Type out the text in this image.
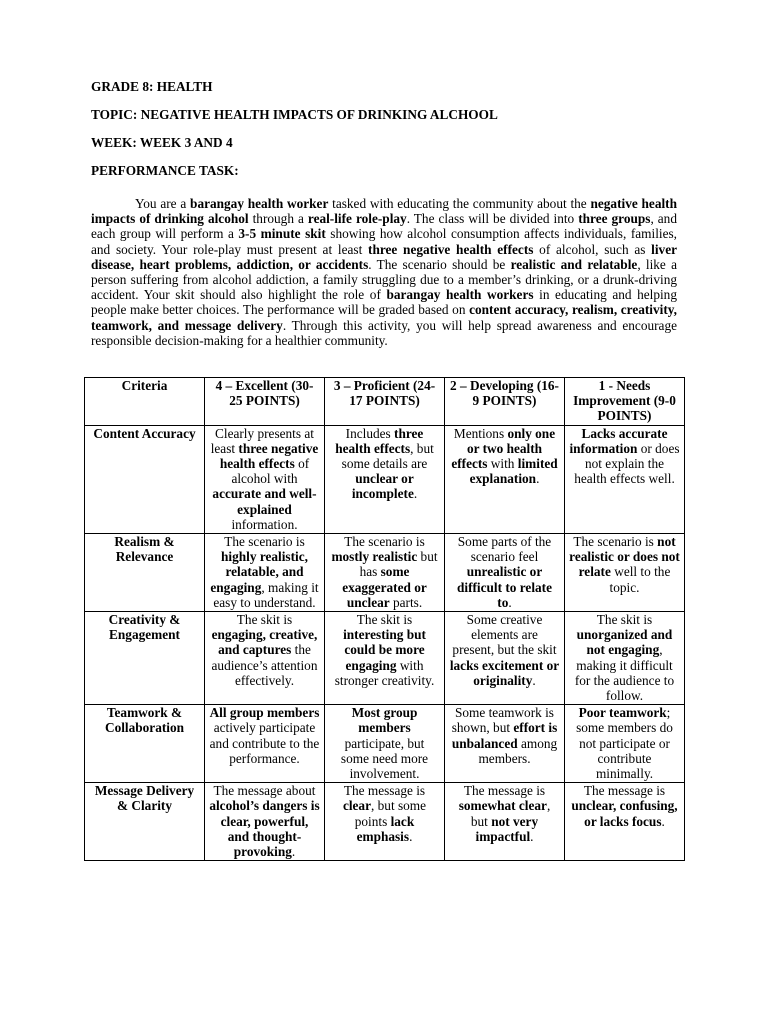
GRADE 8: HEALTH

TOPIC: NEGATIVE HEALTH IMPACTS OF DRINKING ALCHOOL

WEEK: WEEK 3 AND 4

PERFORMANCE TASK:

You are a barangay health worker tasked with educating the community about the negative health impacts of drinking alcohol through a real-life role-play. The class will be divided into three groups, and each group will perform a 3-5 minute skit showing how alcohol consumption affects individuals, families, and society. Your role-play must present at least three negative health effects of alcohol, such as liver disease, heart problems, addiction, or accidents. The scenario should be realistic and relatable, like a person suffering from alcohol addiction, a family struggling due to a member’s drinking, or a drunk-driving accident. Your skit should also highlight the role of barangay health workers in educating and helping people make better choices. The performance will be graded based on content accuracy, realism, creativity, teamwork, and message delivery. Through this activity, you will help spread awareness and encourage responsible decision-making for a healthier community.

Criteria	4 – Excellent (30-25 POINTS)	3 – Proficient (24-17 POINTS)	2 – Developing (16-9 POINTS)	1 - Needs Improvement (9-0 POINTS)
Content Accuracy	Clearly presents at least three negative health effects of alcohol with accurate and well-explained information.	Includes three health effects, but some details are unclear or incomplete.	Mentions only one or two health effects with limited explanation.	Lacks accurate information or does not explain the health effects well.
Realism & Relevance	The scenario is highly realistic, relatable, and engaging, making it easy to understand.	The scenario is mostly realistic but has some exaggerated or unclear parts.	Some parts of the scenario feel unrealistic or difficult to relate to.	The scenario is not realistic or does not relate well to the topic.
Creativity & Engagement	The skit is engaging, creative, and captures the audience’s attention effectively.	The skit is interesting but could be more engaging with stronger creativity.	Some creative elements are present, but the skit lacks excitement or originality.	The skit is unorganized and not engaging, making it difficult for the audience to follow.
Teamwork & Collaboration	All group members actively participate and contribute to the performance.	Most group members participate, but some need more involvement.	Some teamwork is shown, but effort is unbalanced among members.	Poor teamwork; some members do not participate or contribute minimally.
Message Delivery & Clarity	The message about alcohol’s dangers is clear, powerful, and thought-provoking.	The message is clear, but some points lack emphasis.	The message is somewhat clear, but not very impactful.	The message is unclear, confusing, or lacks focus.
